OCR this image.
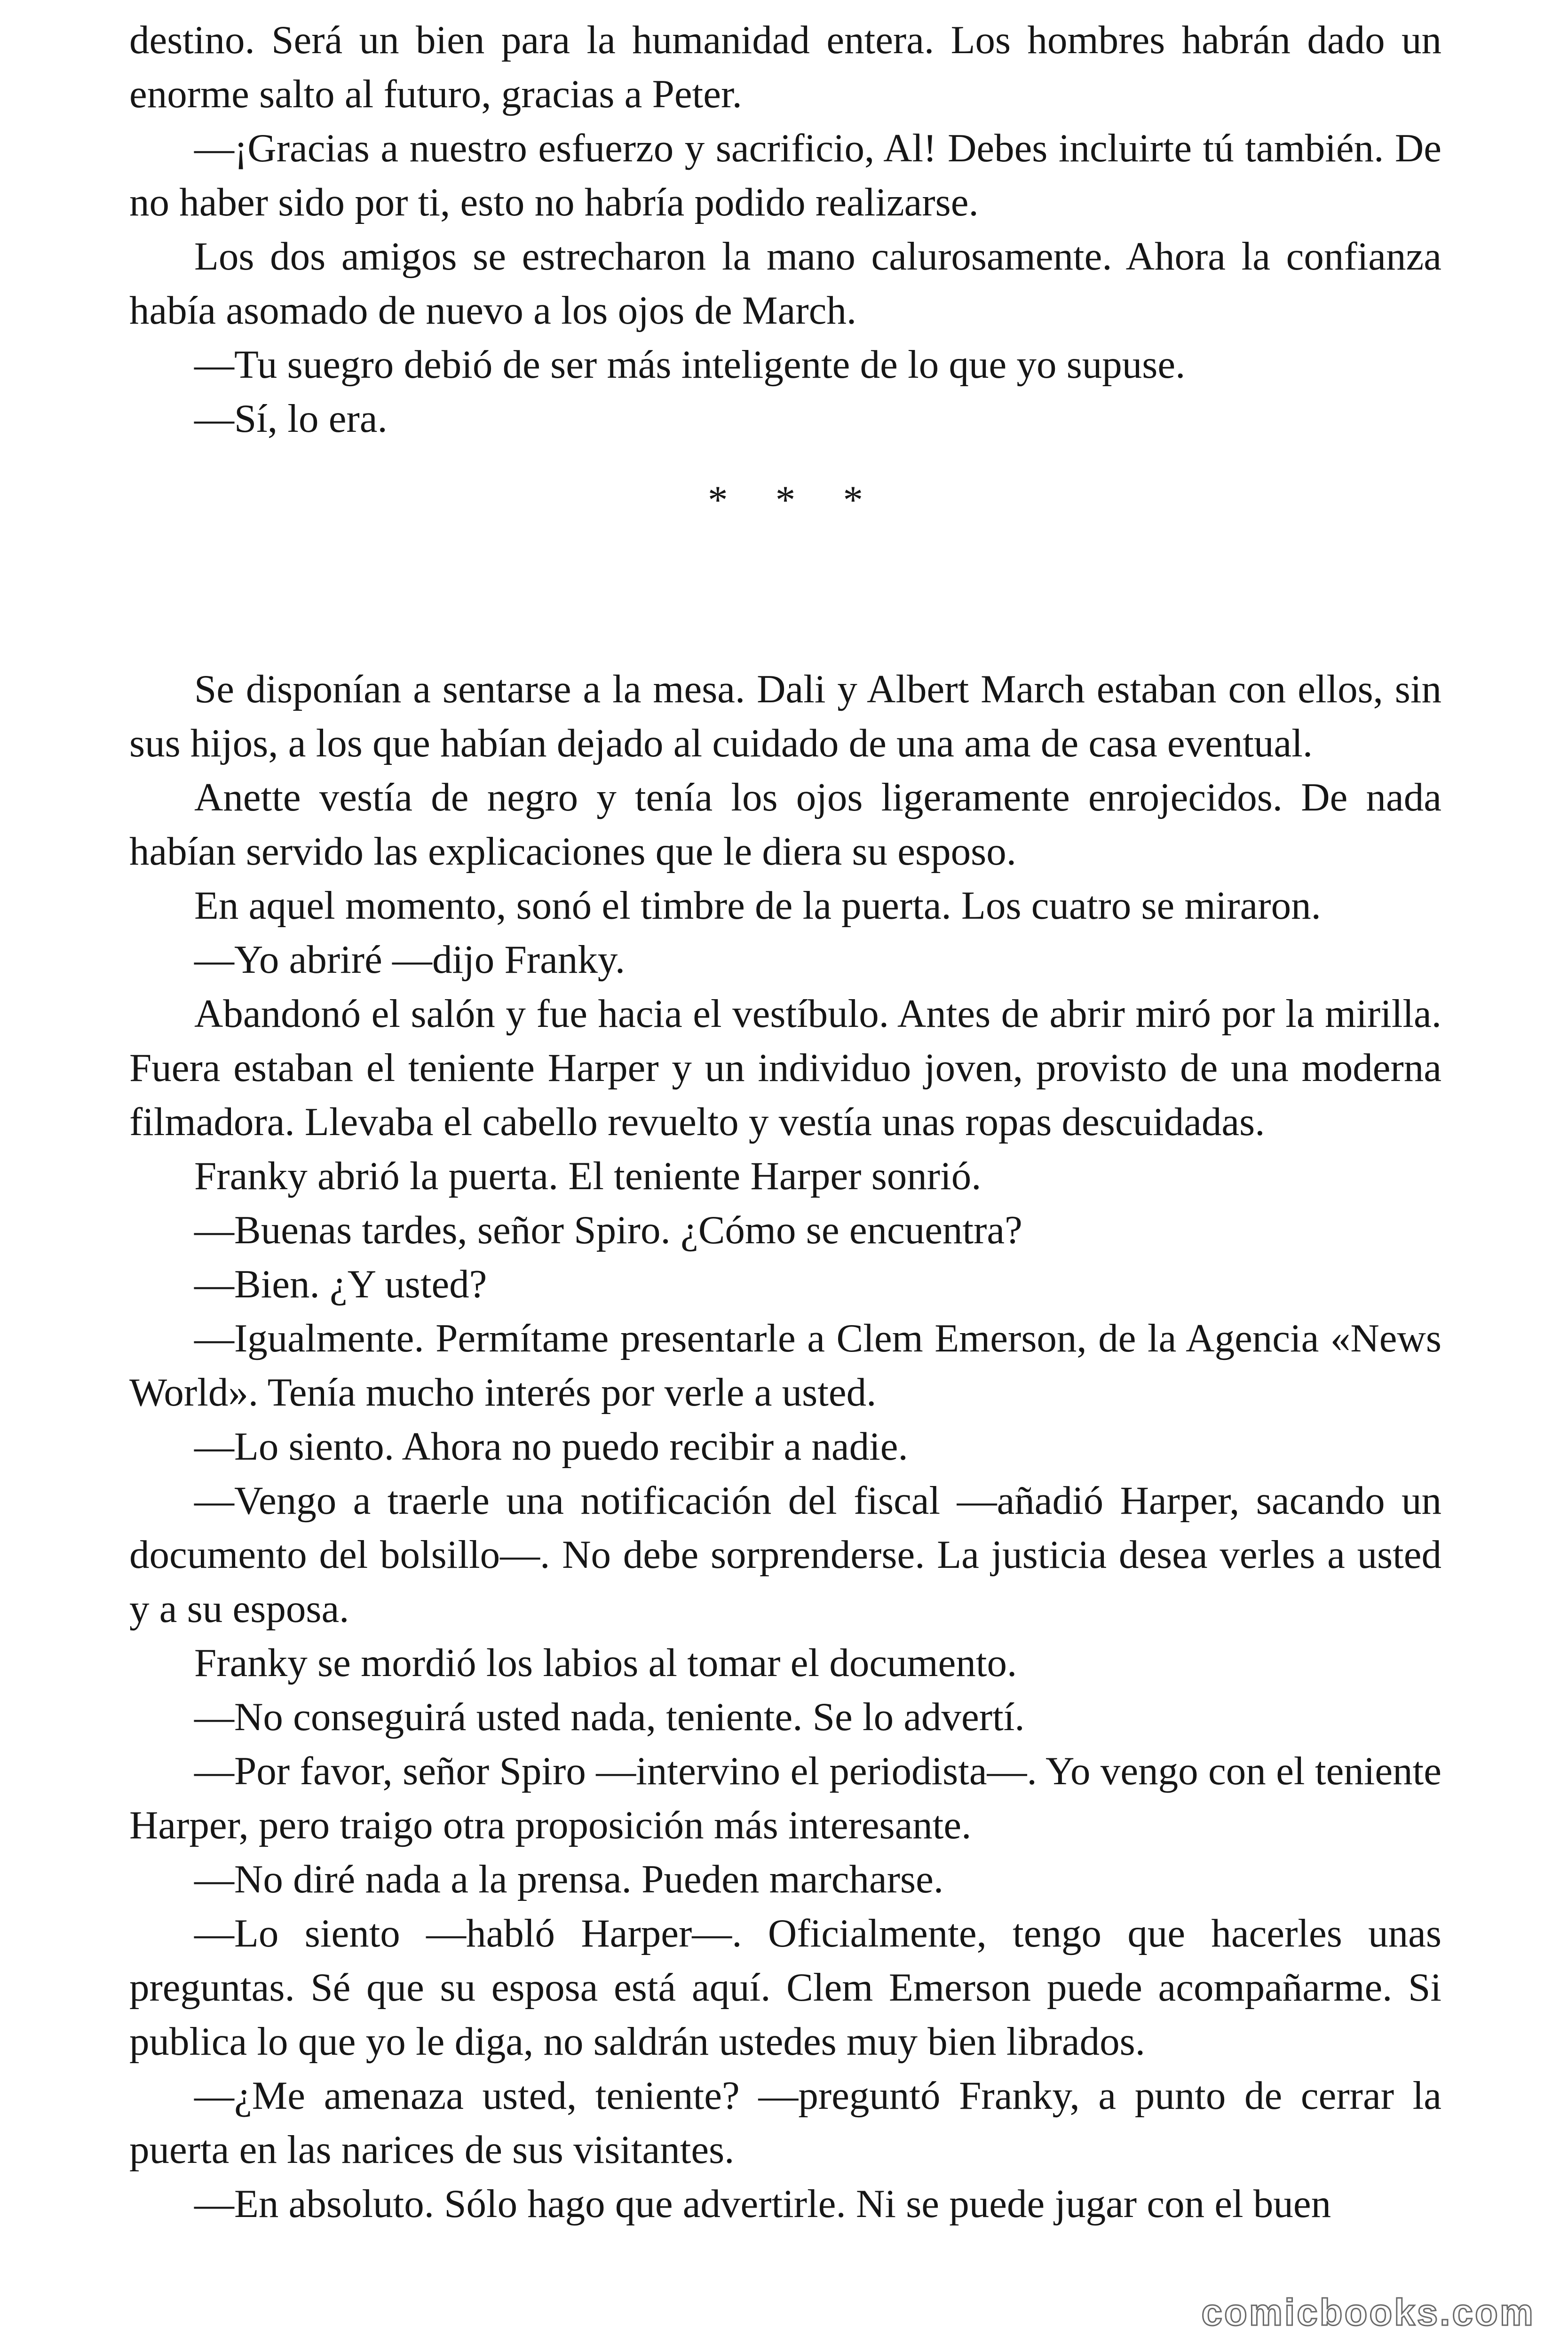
destino. Será un bien para la humanidad entera. Los hombres habrán dado un enorme salto al futuro, gracias a Peter.

—¡Gracias a nuestro esfuerzo y sacrificio, Al! Debes incluirte tú también. De no haber sido por ti, esto no habría podido realizarse.

Los dos amigos se estrecharon la mano calurosamente. Ahora la confianza había asomado de nuevo a los ojos de March.

—Tu suegro debió de ser más inteligente de lo que yo supuse.

—Sí, lo era.

* * *

Se disponían a sentarse a la mesa. Dali y Albert March estaban con ellos, sin sus hijos, a los que habían dejado al cuidado de una ama de casa eventual.

Anette vestía de negro y tenía los ojos ligeramente enrojecidos. De nada habían servido las explicaciones que le diera su esposo.

En aquel momento, sonó el timbre de la puerta. Los cuatro se miraron.

—Yo abriré —dijo Franky.

Abandonó el salón y fue hacia el vestíbulo. Antes de abrir miró por la mirilla. Fuera estaban el teniente Harper y un individuo joven, provisto de una moderna filmadora. Llevaba el cabello revuelto y vestía unas ropas descuidadas.

Franky abrió la puerta. El teniente Harper sonrió.

—Buenas tardes, señor Spiro. ¿Cómo se encuentra?

—Bien. ¿Y usted?

—Igualmente. Permítame presentarle a Clem Emerson, de la Agencia «News World». Tenía mucho interés por verle a usted.

—Lo siento. Ahora no puedo recibir a nadie.

—Vengo a traerle una notificación del fiscal —añadió Harper, sacando un documento del bolsillo—. No debe sorprenderse. La justicia desea verles a usted y a su esposa.

Franky se mordió los labios al tomar el documento.

—No conseguirá usted nada, teniente. Se lo advertí.

—Por favor, señor Spiro —intervino el periodista—. Yo vengo con el teniente Harper, pero traigo otra proposición más interesante.

—No diré nada a la prensa. Pueden marcharse.

—Lo siento —habló Harper—. Oficialmente, tengo que hacerles unas preguntas. Sé que su esposa está aquí. Clem Emerson puede acompañarme. Si publica lo que yo le diga, no saldrán ustedes muy bien librados.

—¿Me amenaza usted, teniente? —preguntó Franky, a punto de cerrar la puerta en las narices de sus visitantes.

—En absoluto. Sólo hago que advertirle. Ni se puede jugar con el buen

comicbooks.com
